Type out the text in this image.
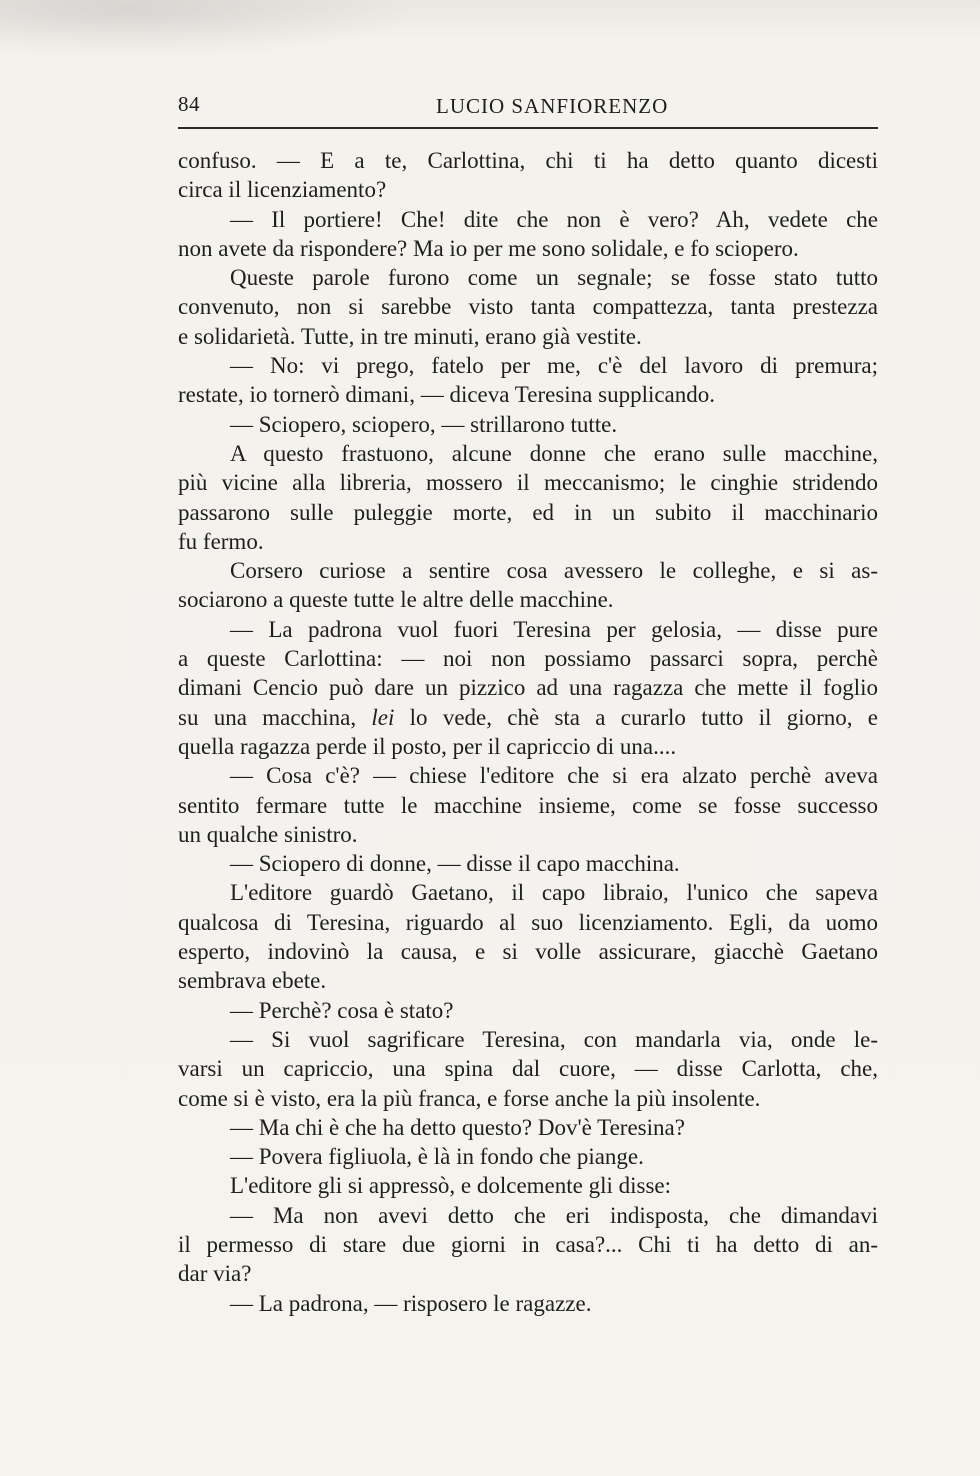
84	LUCIO SANFIORENZO
confuso. — E a te, Carlottina, chi ti ha detto quanto dicesti
circa il licenziamento?
— Il portiere! Che! dite che non è vero? Ah, vedete che
non avete da rispondere? Ma io per me sono solidale, e fo sciopero.
Queste parole furono come un segnale; se fosse stato tutto
convenuto, non si sarebbe visto tanta compattezza, tanta prestezza
e solidarietà. Tutte, in tre minuti, erano già vestite.
— No: vi prego, fatelo per me, c'è del lavoro di premura;
restate, io tornerò dimani, — diceva Teresina supplicando.
— Sciopero, sciopero, — strillarono tutte.
A questo frastuono, alcune donne che erano sulle macchine,
più vicine alla libreria, mossero il meccanismo; le cinghie stridendo
passarono sulle puleggie morte, ed in un subito il macchinario
fu fermo.
Corsero curiose a sentire cosa avessero le colleghe, e si as-
sociarono a queste tutte le altre delle macchine.
— La padrona vuol fuori Teresina per gelosia, — disse pure
a queste Carlottina: — noi non possiamo passarci sopra, perchè
dimani Cencio può dare un pizzico ad una ragazza che mette il foglio
su una macchina, lei lo vede, chè sta a curarlo tutto il giorno, e
quella ragazza perde il posto, per il capriccio di una....
— Cosa c'è? — chiese l'editore che si era alzato perchè aveva
sentito fermare tutte le macchine insieme, come se fosse successo
un qualche sinistro.
— Sciopero di donne, — disse il capo macchina.
L'editore guardò Gaetano, il capo libraio, l'unico che sapeva
qualcosa di Teresina, riguardo al suo licenziamento. Egli, da uomo
esperto, indovinò la causa, e si volle assicurare, giacchè Gaetano
sembrava ebete.
— Perchè? cosa è stato?
— Si vuol sagrificare Teresina, con mandarla via, onde le-
varsi un capriccio, una spina dal cuore, — disse Carlotta, che,
come si è visto, era la più franca, e forse anche la più insolente.
— Ma chi è che ha detto questo? Dov'è Teresina?
— Povera figliuola, è là in fondo che piange.
L'editore gli si appressò, e dolcemente gli disse:
— Ma non avevi detto che eri indisposta, che dimandavi
il permesso di stare due giorni in casa?... Chi ti ha detto di an-
dar via?
— La padrona, — risposero le ragazze.
